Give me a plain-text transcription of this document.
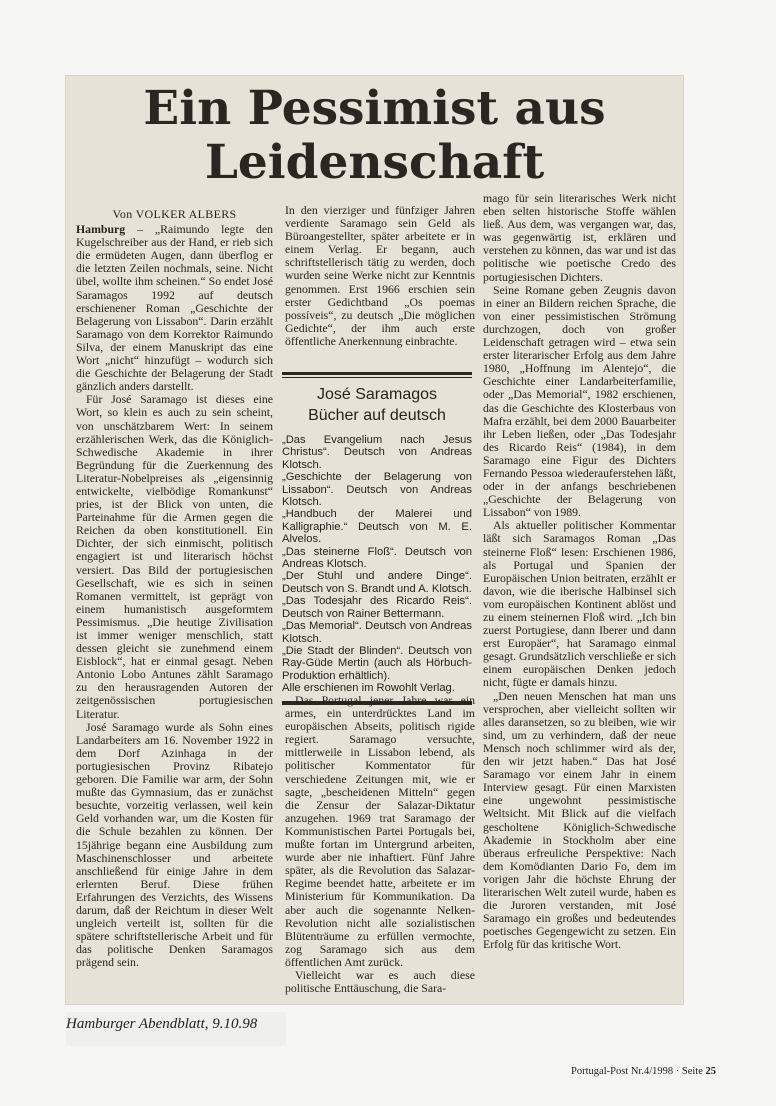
Ein Pessimist aus
Leidenschaft
Von VOLKER ALBERS

Hamburg – „Raimundo legte den Kugelschreiber aus der Hand, er rieb sich die ermüdeten Augen, dann überflog er die letzten Zeilen nochmals, seine. Nicht übel, wollte ihm scheinen.“ So endet José Saramagos 1992 auf deutsch erschienener Roman „Geschichte der Belagerung von Lissabon“. Darin erzählt Saramago von dem Korrektor Raimundo Silva, der einem Manuskript das eine Wort „nicht“ hinzufügt – wodurch sich die Geschichte der Belagerung der Stadt gänzlich anders darstellt.

Für José Saramago ist dieses eine Wort, so klein es auch zu sein scheint, von unschätzbarem Wert: In seinem erzählerischen Werk, das die Königlich-Schwedische Akademie in ihrer Begründung für die Zuerkennung des Literatur-Nobelpreises als „eigensinnig entwickelte, vielbödige Romankunst“ pries, ist der Blick von unten, die Parteinahme für die Armen gegen die Reichen da oben konstitutionell. Ein Dichter, der sich einmischt, politisch engagiert ist und literarisch höchst versiert. Das Bild der portugiesischen Gesellschaft, wie es sich in seinen Romanen vermittelt, ist geprägt von einem humanistisch ausgeformtem Pessimismus. „Die heutige Zivilisation ist immer weniger menschlich, statt dessen gleicht sie zunehmend einem Eisblock“, hat er einmal gesagt. Neben Antonio Lobo Antunes zählt Saramago zu den herausragenden Autoren der zeitgenössischen portugiesischen Literatur.

José Saramago wurde als Sohn eines Landarbeiters am 16. November 1922 in dem Dorf Azinhaga in der portugiesischen Provinz Ribatejo geboren. Die Familie war arm, der Sohn mußte das Gymnasium, das er zunächst besuchte, vorzeitig verlassen, weil kein Geld vorhanden war, um die Kosten für die Schule bezahlen zu können. Der 15jährige begann eine Ausbildung zum Maschinenschlosser und arbeitete anschließend für einige Jahre in dem erlernten Beruf. Diese frühen Erfahrungen des Verzichts, des Wissens darum, daß der Reichtum in dieser Welt ungleich verteilt ist, sollten für die spätere schriftstellerische Arbeit und für das politische Denken Saramagos prägend sein.

In den vierziger und fünfziger Jahren verdiente Saramago sein Geld als Büroangestellter, später arbeitete er in einem Verlag. Er begann, auch schriftstellerisch tätig zu werden, doch wurden seine Werke nicht zur Kenntnis genommen. Erst 1966 erschien sein erster Gedichtband „Os poemas possíveis“, zu deutsch „Die möglichen Gedichte“, der ihm auch erste öffentliche Anerkennung einbrachte.

José Saramagos
Bücher auf deutsch
„Das Evangelium nach Jesus Christus“. Deutsch von Andreas Klotsch.
„Geschichte der Belagerung von Lissabon“. Deutsch von Andreas Klotsch.
„Handbuch der Malerei und Kalligraphie.“ Deutsch von M. E. Alvelos.
„Das steinerne Floß“. Deutsch von Andreas Klotsch.
„Der Stuhl und andere Dinge“. Deutsch von S. Brandt und A. Klotsch.
„Das Todesjahr des Ricardo Reis“. Deutsch von Rainer Bettermann.
„Das Memorial“. Deutsch von Andreas Klotsch.
„Die Stadt der Blinden“. Deutsch von Ray-Güde Mertin (auch als Hörbuch-Produktion erhältlich).
Alle erschienen im Rowohlt Verlag.

Das Portugal jener Jahre war ein armes, ein unterdrücktes Land im europäischen Abseits, politisch rigide regiert. Saramago versuchte, mittlerweile in Lissabon lebend, als politischer Kommentator für verschiedene Zeitungen mit, wie er sagte, „bescheidenen Mitteln“ gegen die Zensur der Salazar-Diktatur anzugehen. 1969 trat Saramago der Kommunistischen Partei Portugals bei, mußte fortan im Untergrund arbeiten, wurde aber nie inhaftiert. Fünf Jahre später, als die Revolution das Salazar-Regime beendet hatte, arbeitete er im Ministerium für Kommunikation. Da aber auch die sogenannte Nelken-Revolution nicht alle sozialistischen Blütenträume zu erfüllen vermochte, zog Saramago sich aus dem öffentlichen Amt zurück.

Vielleicht war es auch diese politische Enttäuschung, die Sara-

mago für sein literarisches Werk nicht eben selten historische Stoffe wählen ließ. Aus dem, was vergangen war, das, was gegenwärtig ist, erklären und verstehen zu können, das war und ist das politische wie poetische Credo des portugiesischen Dichters.

Seine Romane geben Zeugnis davon in einer an Bildern reichen Sprache, die von einer pessimistischen Strömung durchzogen, doch von großer Leidenschaft getragen wird – etwa sein erster literarischer Erfolg aus dem Jahre 1980, „Hoffnung im Alentejo“, die Geschichte einer Landarbeiterfamilie, oder „Das Memorial“, 1982 erschienen, das die Geschichte des Klosterbaus von Mafra erzählt, bei dem 2000 Bauarbeiter ihr Leben ließen, oder „Das Todesjahr des Ricardo Reis“ (1984), in dem Saramago eine Figur des Dichters Fernando Pessoa wiederauferstehen läßt, oder in der anfangs beschriebenen „Geschichte der Belagerung von Lissabon“ von 1989.

Als aktueller politischer Kommentar läßt sich Saramagos Roman „Das steinerne Floß“ lesen: Erschienen 1986, als Portugal und Spanien der Europäischen Union beitraten, erzählt er davon, wie die iberische Halbinsel sich vom europäischen Kontinent ablöst und zu einem steinernen Floß wird. „Ich bin zuerst Portugiese, dann Iberer und dann erst Europäer“, hat Saramago einmal gesagt. Grundsätzlich verschließe er sich einem europäischen Denken jedoch nicht, fügte er damals hinzu.

„Den neuen Menschen hat man uns versprochen, aber vielleicht sollten wir alles daransetzen, so zu bleiben, wie wir sind, um zu verhindern, daß der neue Mensch noch schlimmer wird als der, den wir jetzt haben.“ Das hat José Saramago vor einem Jahr in einem Interview gesagt. Für einen Marxisten eine ungewohnt pessimistische Weltsicht. Mit Blick auf die vielfach gescholtene Königlich-Schwedische Akademie in Stockholm aber eine überaus erfreuliche Perspektive: Nach dem Komödianten Dario Fo, dem im vorigen Jahr die höchste Ehrung der literarischen Welt zuteil wurde, haben es die Juroren verstanden, mit José Saramago ein großes und bedeutendes poetisches Gegengewicht zu setzen. Ein Erfolg für das kritische Wort.

Hamburger Abendblatt, 9.10.98
Portugal-Post Nr.4/1998 · Seite 25
